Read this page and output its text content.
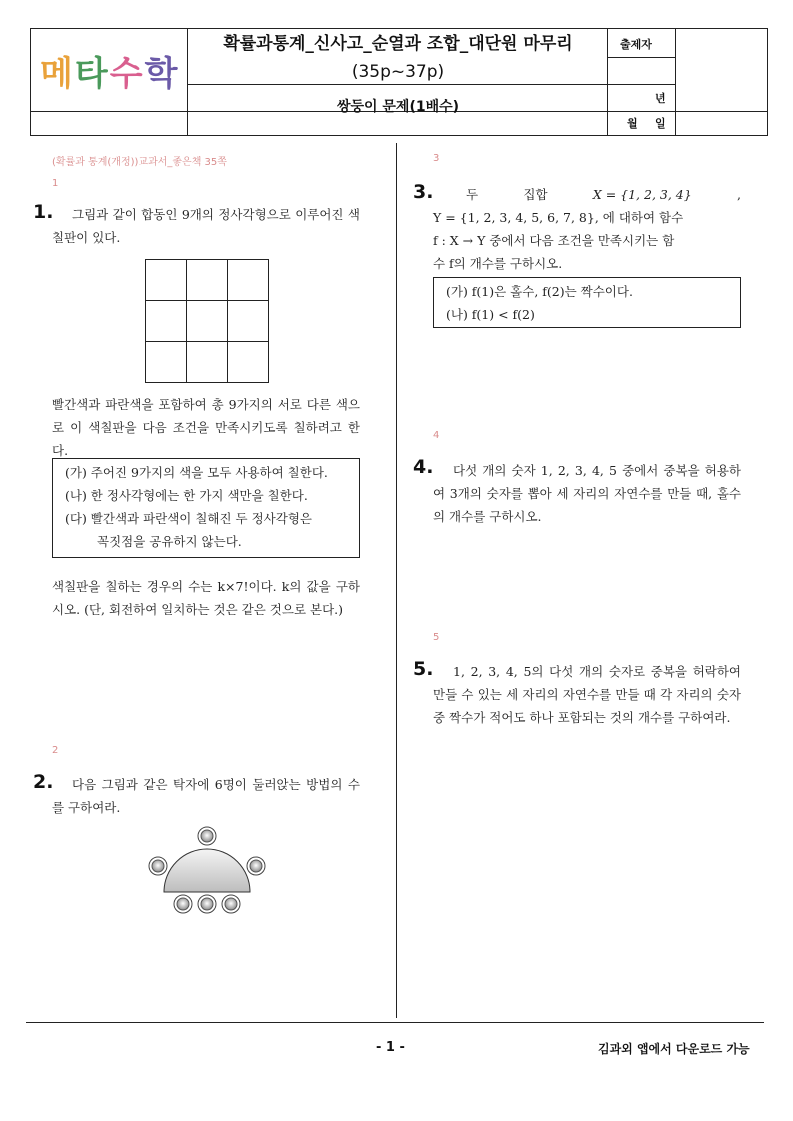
메타수학
확률과통계_신사고_순열과 조합_대단원 마무리
(35p~37p)
쌍둥이 문제(1배수)
출제자
년
월 일
(확률과 통계(개정))교과서_좋은책 35쪽
1
1.	그림과 같이 합동인 9개의 정사각형으로 이루어진 색칠판이 있다.

빨간색과 파란색을 포함하여 총 9가지의 서로 다른 색으로 이 색칠판을 다음 조건을 만족시키도록 칠하려고 한다.
(가) 주어진 9가지의 색을 모두 사용하여 칠한다.
(나) 한 정사각형에는 한 가지 색만을 칠한다.
(다) 빨간색과 파란색이 칠해진 두 정사각형은
꼭짓점을 공유하지 않는다.
색칠판을 칠하는 경우의 수는 k×7!이다. k의 값을 구하시오. (단, 회전하여 일치하는 것은 같은 것으로 본다.)
2
2.	다음 그림과 같은 탁자에 6명이 둘러앉는 방법의 수를 구하여라.
3
3.	두	집합	X = {1, 2, 3, 4}	,
Y = {1, 2, 3, 4, 5, 6, 7, 8}, 에 대하여 함수
f : X → Y 중에서 다음 조건을 만족시키는 함
수 f의 개수를 구하시오.
(가) f(1)은 홀수, f(2)는 짝수이다.
(나) f(1) < f(2)
4
4.	다섯 개의 숫자 1, 2, 3, 4, 5 중에서 중복을 허용하여 3개의 숫자를 뽑아 세 자리의 자연수를 만들 때, 홀수의 개수를 구하시오.
5
5.	1, 2, 3, 4, 5의 다섯 개의 숫자로 중복을 허락하여 만들 수 있는 세 자리의 자연수를 만들 때 각 자리의 숫자 중 짝수가 적어도 하나 포함되는 것의 개수를 구하여라.
- 1 -	김과외 앱에서 다운로드 가능
